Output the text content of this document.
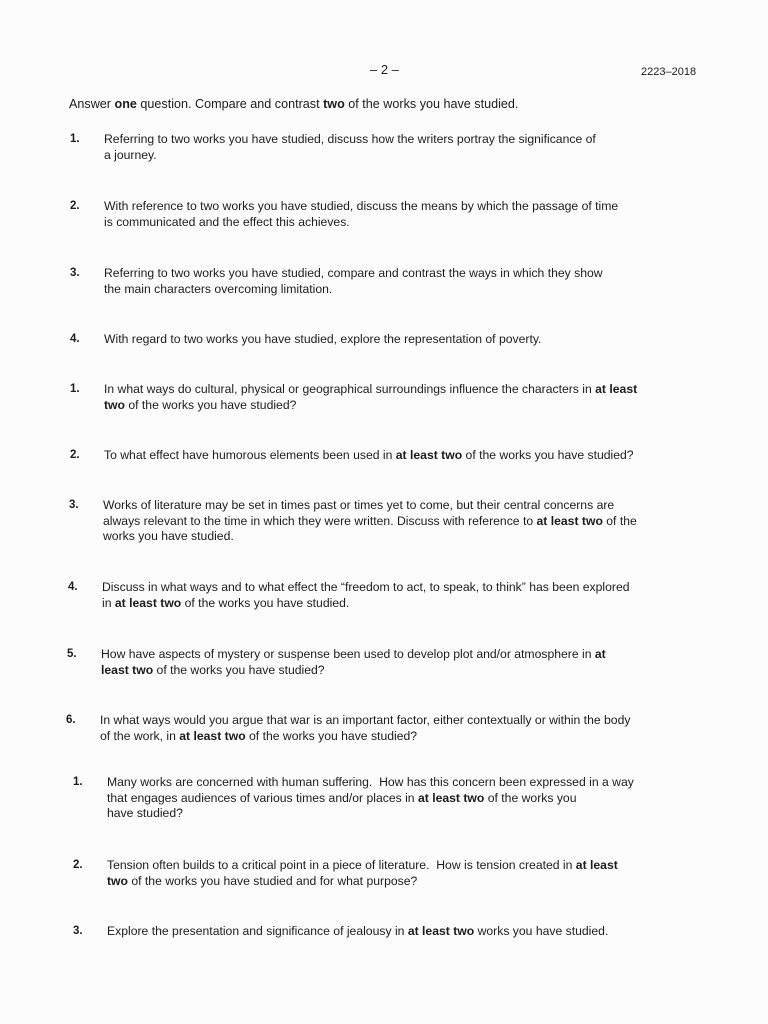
– 2 –	2223–2018
Answer one question. Compare and contrast two of the works you have studied.
1. Referring to two works you have studied, discuss how the writers portray the significance of
a journey.
2. With reference to two works you have studied, discuss the means by which the passage of time
is communicated and the effect this achieves.
3. Referring to two works you have studied, compare and contrast the ways in which they show
the main characters overcoming limitation.
4. With regard to two works you have studied, explore the representation of poverty.
1. In what ways do cultural, physical or geographical surroundings influence the characters in at least
two of the works you have studied?
2. To what effect have humorous elements been used in at least two of the works you have studied?
3. Works of literature may be set in times past or times yet to come, but their central concerns are
always relevant to the time in which they were written. Discuss with reference to at least two of the
works you have studied.
4. Discuss in what ways and to what effect the “freedom to act, to speak, to think” has been explored
in at least two of the works you have studied.
5. How have aspects of mystery or suspense been used to develop plot and/or atmosphere in at
least two of the works you have studied?
6. In what ways would you argue that war is an important factor, either contextually or within the body
of the work, in at least two of the works you have studied?
1. Many works are concerned with human suffering.  How has this concern been expressed in a way
that engages audiences of various times and/or places in at least two of the works you
have studied?
2. Tension often builds to a critical point in a piece of literature.  How is tension created in at least
two of the works you have studied and for what purpose?
3. Explore the presentation and significance of jealousy in at least two works you have studied.
